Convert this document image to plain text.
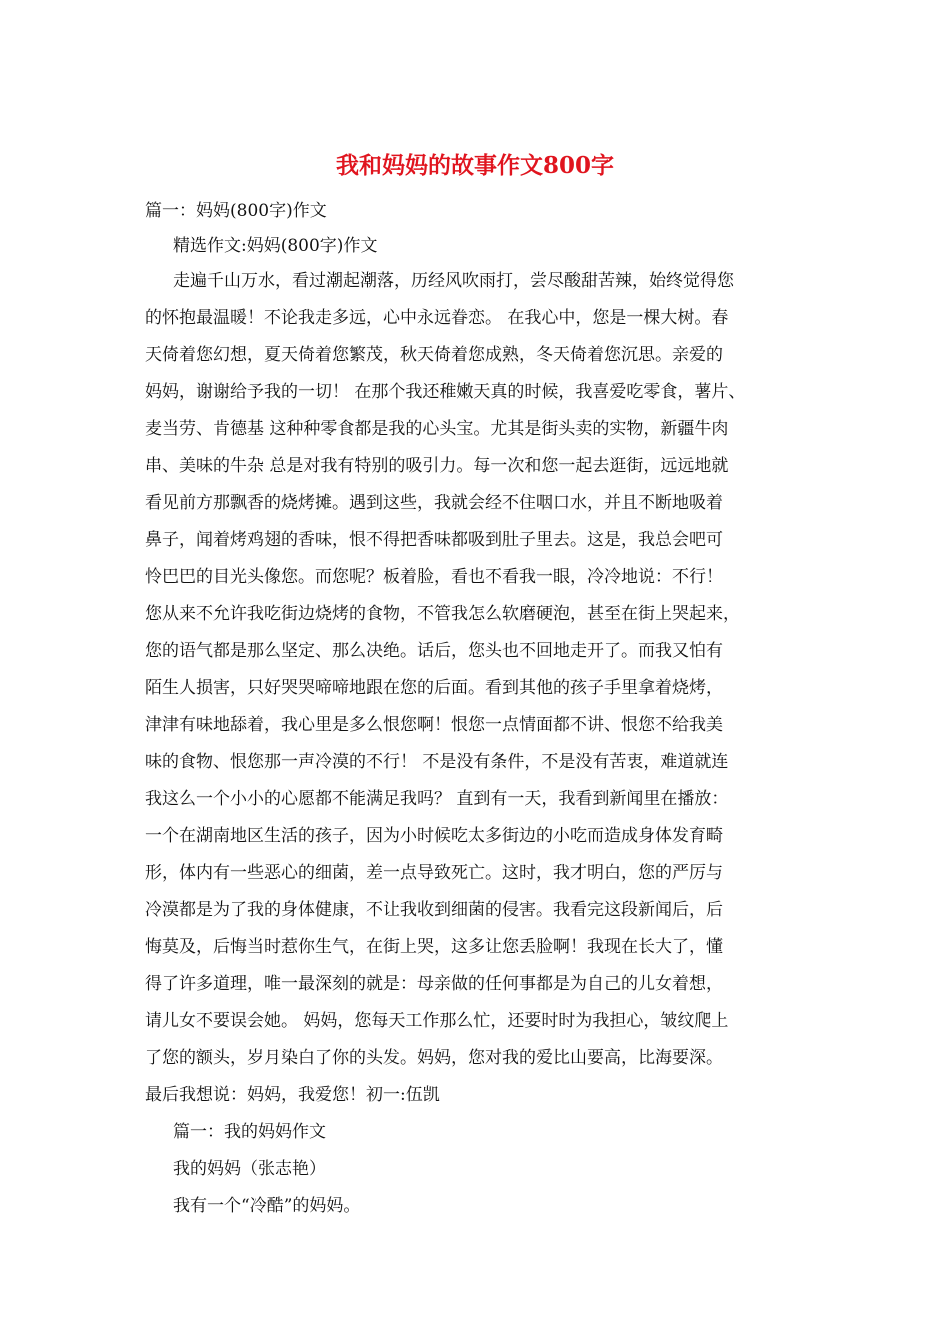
我和妈妈的故事作文800字

篇一：妈妈(800字)作文

精选作文:妈妈(800字)作文

走遍千山万水，看过潮起潮落，历经风吹雨打，尝尽酸甜苦辣，始终觉得您

的怀抱最温暖！不论我走多远，心中永远眷恋。 在我心中，您是一棵大树。春

天倚着您幻想，夏天倚着您繁茂，秋天倚着您成熟，冬天倚着您沉思。亲爱的

妈妈，谢谢给予我的一切！ 在那个我还稚嫩天真的时候，我喜爱吃零食，薯片、

麦当劳、肯德基 这种种零食都是我的心头宝。尤其是街头卖的实物，新疆牛肉

串、美味的牛杂 总是对我有特别的吸引力。每一次和您一起去逛街，远远地就

看见前方那飘香的烧烤摊。遇到这些，我就会经不住咽口水，并且不断地吸着

鼻子，闻着烤鸡翅的香味，恨不得把香味都吸到肚子里去。这是，我总会吧可

怜巴巴的目光头像您。而您呢？板着脸，看也不看我一眼，冷冷地说：不行！

您从来不允许我吃街边烧烤的食物，不管我怎么软磨硬泡，甚至在街上哭起来，

您的语气都是那么坚定、那么决绝。话后，您头也不回地走开了。而我又怕有

陌生人损害，只好哭哭啼啼地跟在您的后面。看到其他的孩子手里拿着烧烤，

津津有味地舔着，我心里是多么恨您啊！恨您一点情面都不讲、恨您不给我美

味的食物、恨您那一声冷漠的不行！ 不是没有条件，不是没有苦衷，难道就连

我这么一个小小的心愿都不能满足我吗？ 直到有一天，我看到新闻里在播放：

一个在湖南地区生活的孩子，因为小时候吃太多街边的小吃而造成身体发育畸

形，体内有一些恶心的细菌，差一点导致死亡。这时，我才明白，您的严厉与

冷漠都是为了我的身体健康，不让我收到细菌的侵害。我看完这段新闻后，后

悔莫及，后悔当时惹你生气，在街上哭，这多让您丢脸啊！我现在长大了，懂

得了许多道理，唯一最深刻的就是：母亲做的任何事都是为自己的儿女着想，

请儿女不要误会她。 妈妈，您每天工作那么忙，还要时时为我担心，皱纹爬上

了您的额头，岁月染白了你的头发。妈妈，您对我的爱比山要高，比海要深。

最后我想说：妈妈，我爱您！初一:伍凯

篇一：我的妈妈作文

我的妈妈（张志艳）

我有一个“冷酷”的妈妈。
